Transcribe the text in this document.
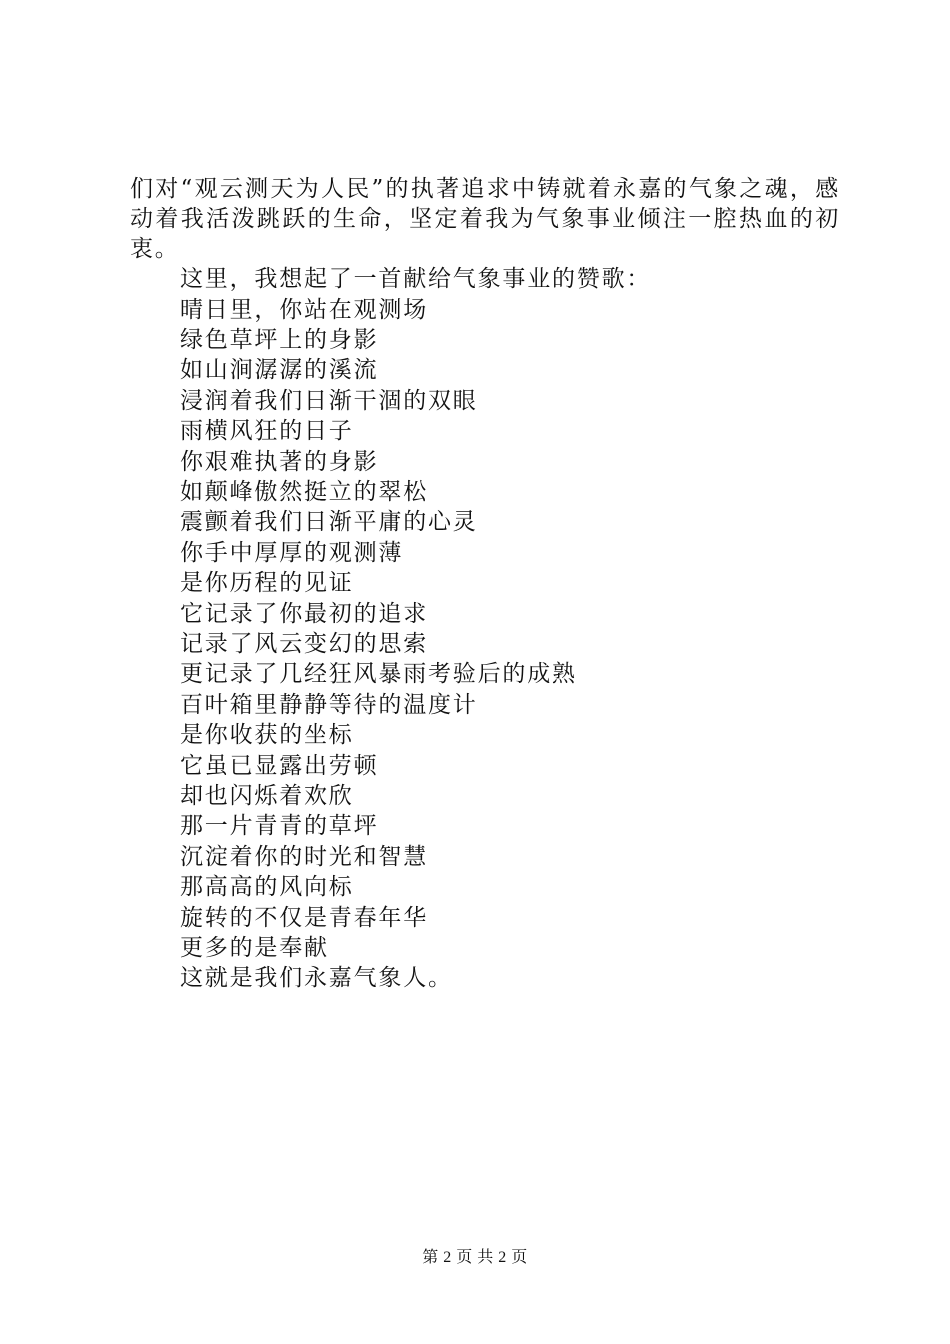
们对“观云测天为人民”的执著追求中铸就着永嘉的气象之魂，感动着我活泼跳跃的生命，坚定着我为气象事业倾注一腔热血的初衷。

这里，我想起了一首献给气象事业的赞歌：

晴日里，你站在观测场
绿色草坪上的身影
如山涧潺潺的溪流
浸润着我们日渐干涸的双眼
雨横风狂的日子
你艰难执著的身影
如颠峰傲然挺立的翠松
震颤着我们日渐平庸的心灵
你手中厚厚的观测薄
是你历程的见证
它记录了你最初的追求
记录了风云变幻的思索
更记录了几经狂风暴雨考验后的成熟
百叶箱里静静等待的温度计
是你收获的坐标
它虽已显露出劳顿
却也闪烁着欢欣
那一片青青的草坪
沉淀着你的时光和智慧
那高高的风向标
旋转的不仅是青春年华
更多的是奉献
这就是我们永嘉气象人。
第 2 页 共 2 页
